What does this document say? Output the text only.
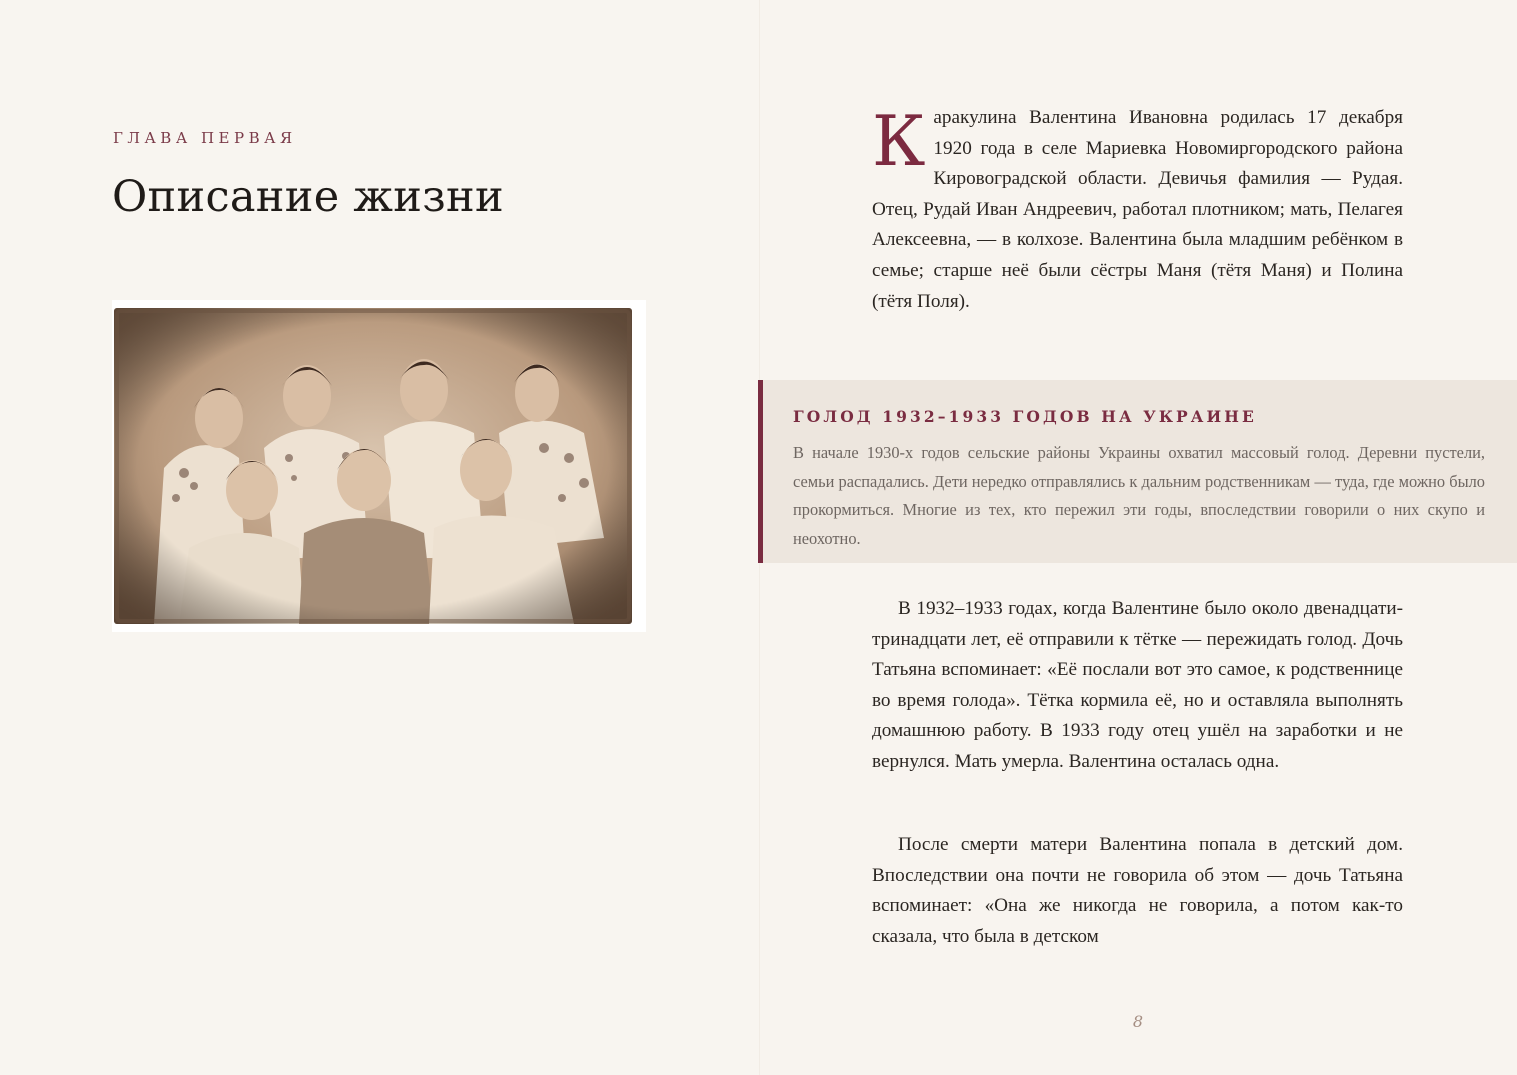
ГЛАВА ПЕРВАЯ
Описание жизни

Каракулина Валентина Ивановна родилась 17 декабря 1920 года в селе Мариевка Новомиргородского района Кировоградской области. Девичья фамилия — Рудая. Отец, Рудай Иван Андреевич, работал плотником; мать, Пелагея Алексеевна, — в колхозе. Валентина была младшим ребёнком в семье; старше неё были сёстры Маня (тётя Маня) и Полина (тётя Поля).

ГОЛОД 1932–1933 ГОДОВ НА УКРАИНЕ

В начале 1930-х годов сельские районы Украины охватил массовый голод. Деревни пустели, семьи распадались. Дети нередко отправлялись к дальним родственникам — туда, где можно было прокормиться. Многие из тех, кто пережил эти годы, впоследствии говорили о них скупо и неохотно.

В 1932–1933 годах, когда Валентине было около двенадцати-тринадцати лет, её отправили к тётке — пережидать голод. Дочь Татьяна вспоминает: «Её послали вот это самое, к родственнице во время голода». Тётка кормила её, но и оставляла выполнять домашнюю работу. В 1933 году отец ушёл на заработки и не вернулся. Мать умерла. Валентина осталась одна.

После смерти матери Валентина попала в детский дом. Впоследствии она почти не говорила об этом — дочь Татьяна вспоминает: «Она же никогда не говорила, а потом как-то сказала, что была в детском

8
